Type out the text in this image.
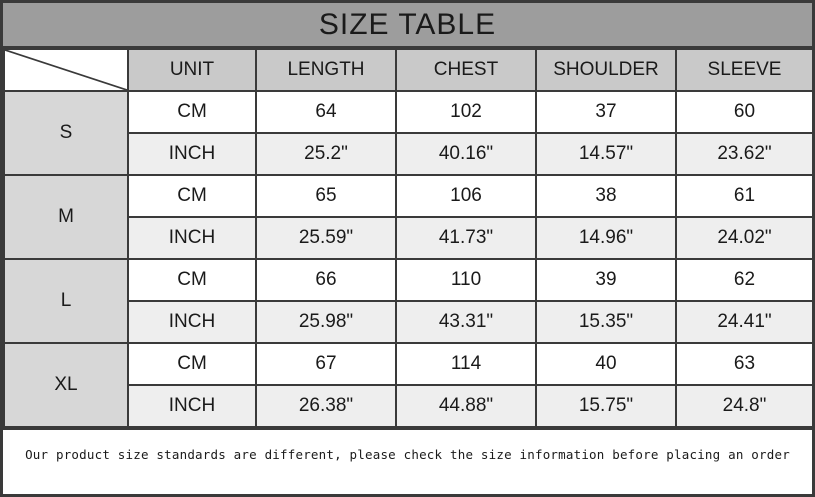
SIZE TABLE
	UNIT	LENGTH	CHEST	SHOULDER	SLEEVE
S	CM	64	102	37	60
	INCH	25.2"	40.16"	14.57"	23.62"
M	CM	65	106	38	61
	INCH	25.59"	41.73"	14.96"	24.02"
L	CM	66	110	39	62
	INCH	25.98"	43.31"	15.35"	24.41"
XL	CM	67	114	40	63
	INCH	26.38"	44.88"	15.75"	24.8"
Our product size standards are different, please check the size information before placing an order
